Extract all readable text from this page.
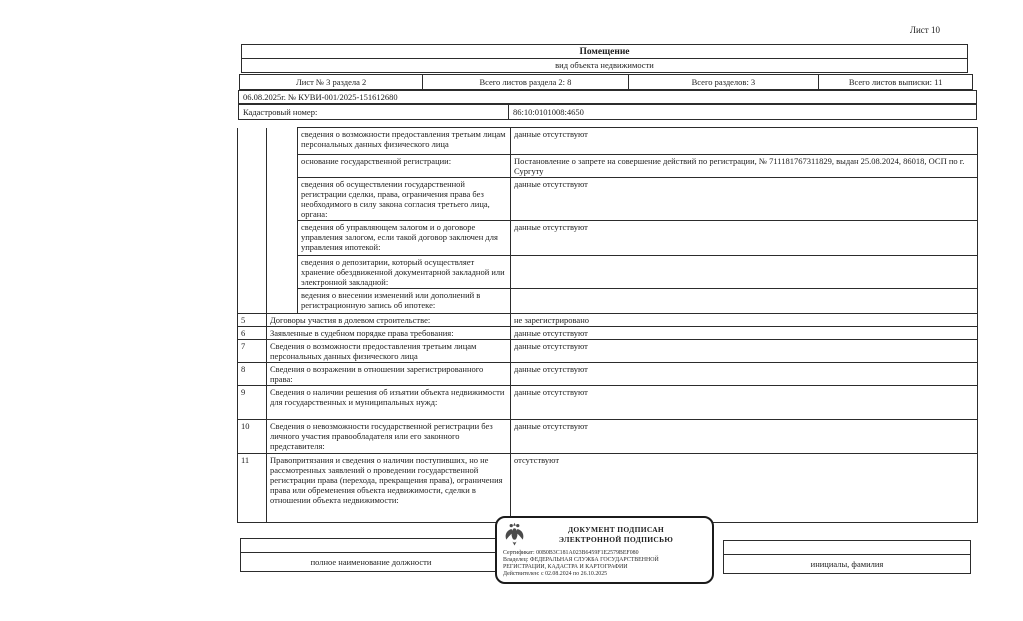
Лист 10
Помещение
вид объекта недвижимости
Лист № 3 раздела 2	Всего листов раздела 2: 8	Всего разделов: 3	Всего листов выписки: 11
06.08.2025г. № КУВИ-001/2025-151612680
Кадастровый номер:	86:10:0101008:4650
		сведения о возможности предоставления третьим лицам персональных данных физического лица	данные отсутствуют
		основание государственной регистрации:	Постановление о запрете на совершение действий по регистрации, № 711181767311829, выдан 25.08.2024, 86018, ОСП по г. Сургуту
		сведения об осуществлении государственной регистрации сделки, права, ограничения права без необходимого в силу закона согласия третьего лица, органа:	данные отсутствуют
		сведения об управляющем залогом и о договоре управления залогом, если такой договор заключен для управления ипотекой:	данные отсутствуют
		сведения о депозитарии, который осуществляет хранение обездвиженной документарной закладной или электронной закладной:	
		ведения о внесении изменений или дополнений в регистрационную запись об ипотеке:	
5	Договоры участия в долевом строительстве:		не зарегистрировано
6	Заявленные в судебном порядке права требования:		данные отсутствуют
7	Сведения о возможности предоставления третьим лицам персональных данных физического лица		данные отсутствуют
8	Сведения о возражении в отношении зарегистрированного права:		данные отсутствуют
9	Сведения о наличии решения об изъятии объекта недвижимости для государственных и муниципальных нужд:		данные отсутствуют
10	Сведения о невозможности государственной регистрации без личного участия правообладателя или его законного представителя:		данные отсутствуют
11	Правопритязания и сведения о наличии поступивших, но не рассмотренных заявлений о проведении государственной регистрации права (перехода, прекращения права), ограничения права или обременения объекта недвижимости, сделки в отношении объекта недвижимости:		отсутствуют
полное наименование должности	инициалы, фамилия
ДОКУМЕНТ ПОДПИСАН
ЭЛЕКТРОННОЙ ПОДПИСЬЮ
Сертификат: 00B0B3C181A023B6459F1E2579BEF080
Владелец: ФЕДЕРАЛЬНАЯ СЛУЖБА ГОСУДАРСТВЕННОЙ
РЕГИСТРАЦИИ, КАДАСТРА И КАРТОГРАФИИ
Действителен: с 02.08.2024 по 26.10.2025
